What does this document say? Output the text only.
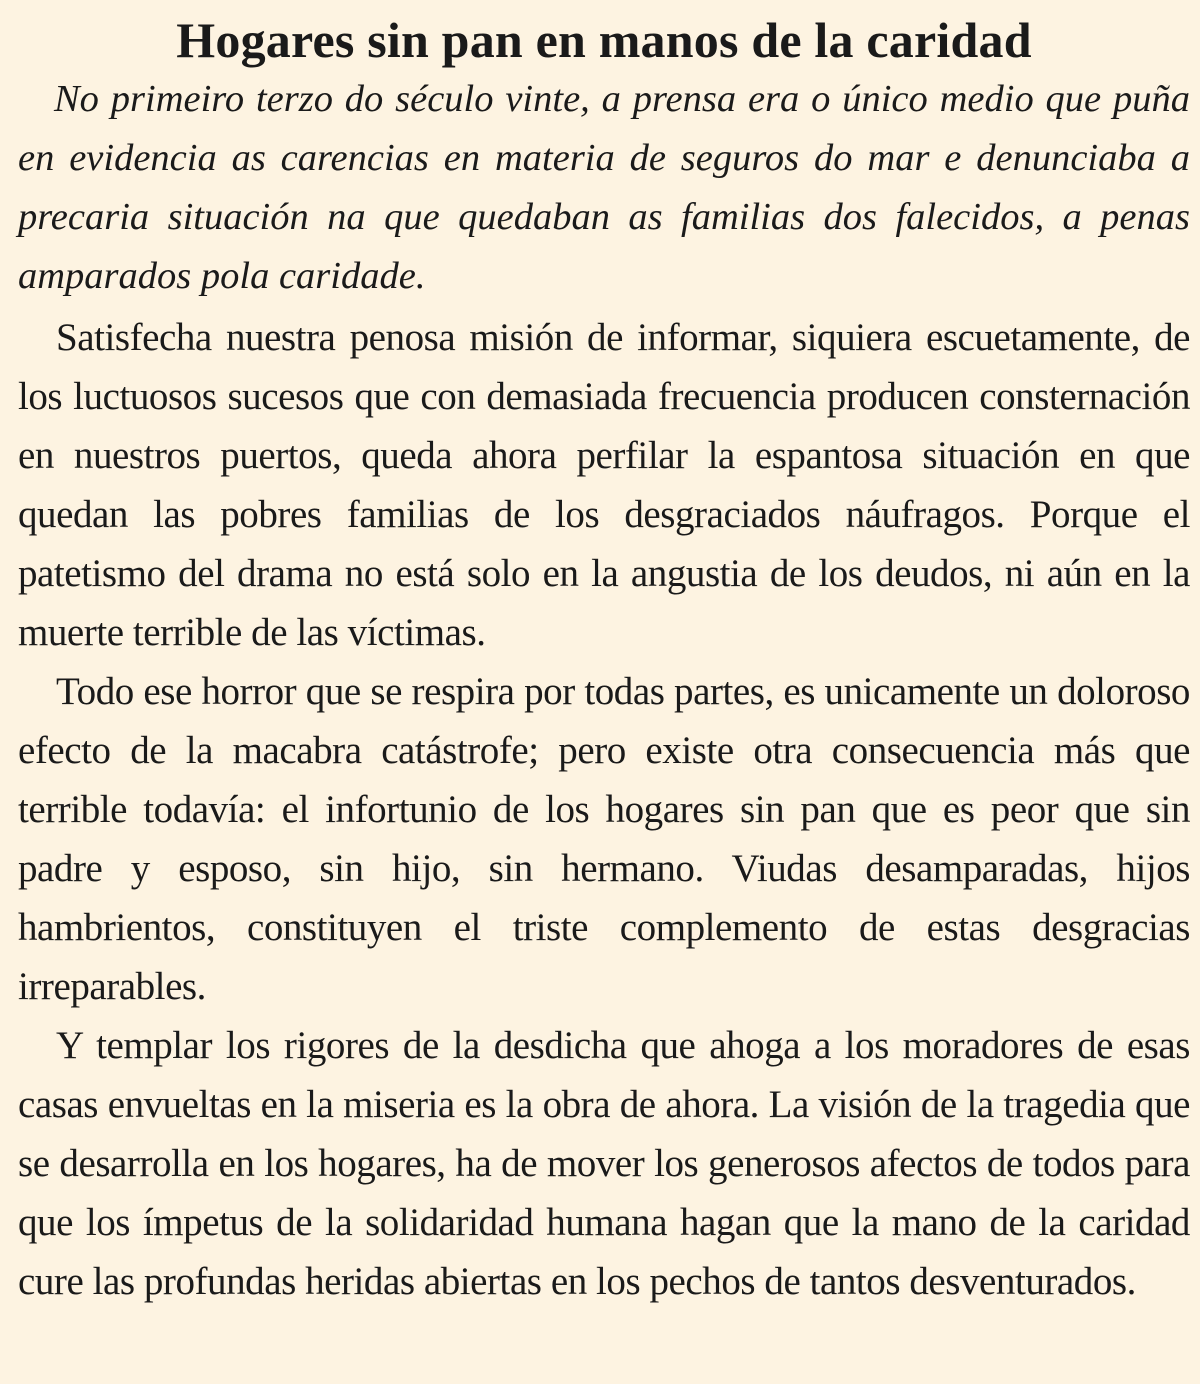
Hogares sin pan en manos de la caridad

No primeiro terzo do século vinte, a prensa era o único medio que puña en evidencia as carencias en materia de seguros do mar e denunciaba a precaria situación na que quedaban as familias dos falecidos, a penas amparados pola caridade.

Satisfecha nuestra penosa misión de informar, siquiera escuetamente, de los luctuosos sucesos que con demasiada frecuencia producen consternación en nuestros puertos, queda ahora perfilar la espantosa situación en que quedan las pobres familias de los desgraciados náufragos. Porque el patetismo del drama no está solo en la angustia de los deudos, ni aún en la muerte terrible de las víctimas.

Todo ese horror que se respira por todas partes, es unicamente un doloroso efecto de la macabra catástrofe; pero existe otra consecuencia más que terrible todavía: el infortunio de los hogares sin pan que es peor que sin padre y esposo, sin hijo, sin hermano. Viudas desamparadas, hijos hambrientos, constituyen el triste complemento de estas desgracias irreparables.

Y templar los rigores de la desdicha que ahoga a los moradores de esas casas envueltas en la miseria es la obra de ahora. La visión de la tragedia que se desarrolla en los hogares, ha de mover los generosos afectos de todos para que los ímpetus de la solidaridad humana hagan que la mano de la caridad cure las profundas heridas abiertas en los pechos de tantos desventurados.
